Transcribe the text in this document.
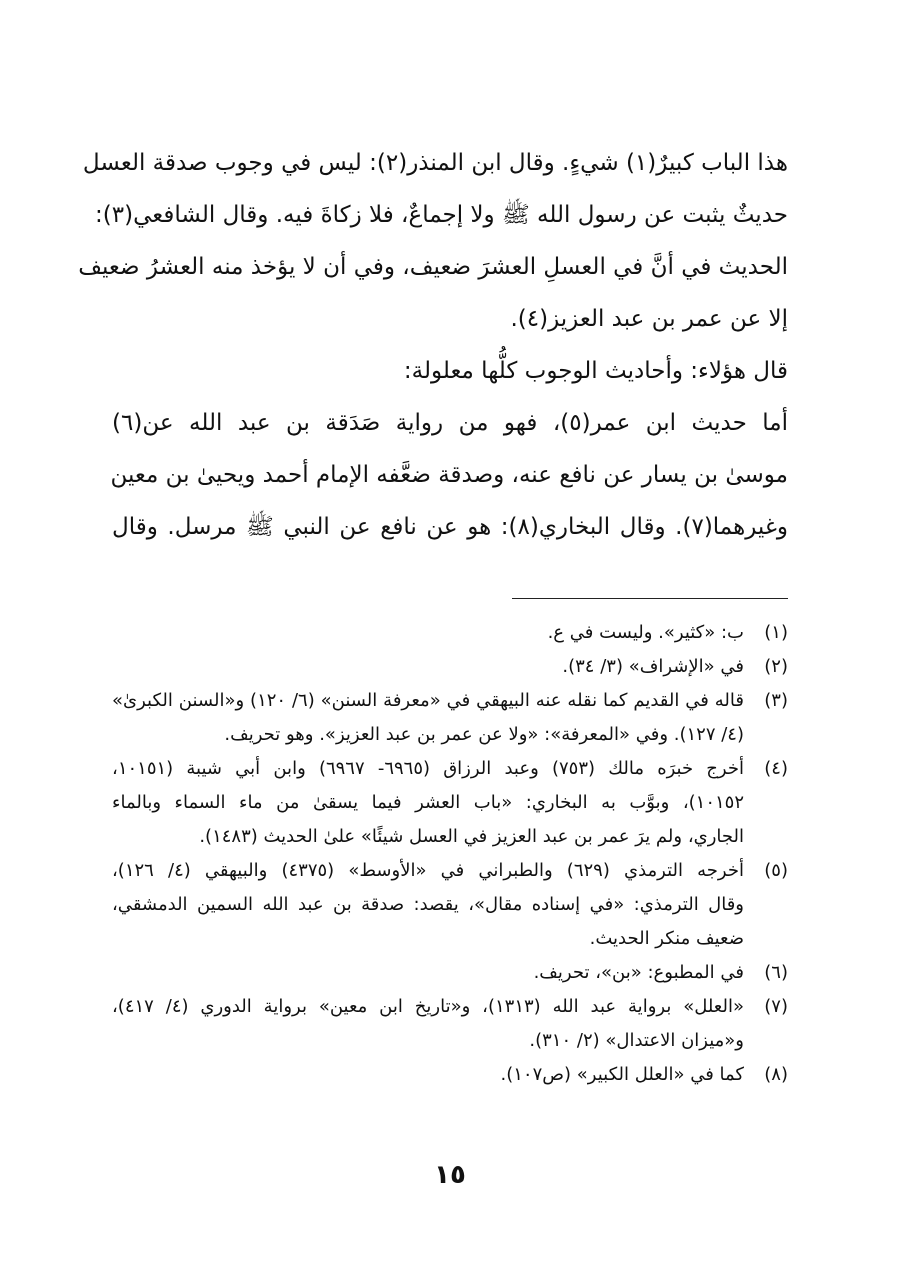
هذا الباب كبيرٌ(١) شيءٍ. وقال ابن المنذر(٢): ليس في وجوب صدقة العسل

حديثٌ يثبت عن رسول الله ﷺ ولا إجماعٌ، فلا زكاةَ فيه. وقال الشافعي(٣):

الحديث في أنَّ في العسلِ العشرَ ضعيف، وفي أن لا يؤخذ منه العشرُ ضعيف

إلا عن عمر بن عبد العزيز(٤).

قال هؤلاء: وأحاديث الوجوب كلُّها معلولة:

أما حديث ابن عمر(٥)، فهو من رواية صَدَقة بن عبد الله عن(٦)

موسىٰ بن يسار عن نافع عنه، وصدقة ضعَّفه الإمام أحمد ويحيىٰ بن معين

وغيرهما(٧). وقال البخاري(٨): هو عن نافع عن النبي ﷺ مرسل. وقال

(١)
ب: «كثير». وليست في ع.
(٢)
في «الإشراف» (٣/ ٣٤).
(٣)
قاله في القديم كما نقله عنه البيهقي في «معرفة السنن» (٦/ ١٢٠) و«السنن الكبرىٰ»
(٤/ ١٢٧). وفي «المعرفة»: «ولا عن عمر بن عبد العزيز». وهو تحريف.
(٤)
أخرج خبرَه مالك (٧٥٣) وعبد الرزاق (٦٩٦٥- ٦٩٦٧) وابن أبي شيبة (١٠١٥١،
١٠١٥٢)، وبوَّب به البخاري: «باب العشر فيما يسقىٰ من ماء السماء وبالماء
الجاري، ولم يرَ عمر بن عبد العزيز في العسل شيئًا» علىٰ الحديث (١٤٨٣).
(٥)
أخرجه الترمذي (٦٢٩) والطبراني في «الأوسط» (٤٣٧٥) والبيهقي (٤/ ١٢٦)،
وقال الترمذي: «في إسناده مقال»، يقصد: صدقة بن عبد الله السمين الدمشقي،
ضعيف منكر الحديث.
(٦)
في المطبوع: «بن»، تحريف.
(٧)
«العلل» برواية عبد الله (١٣١٣)، و«تاريخ ابن معين» برواية الدوري (٤/ ٤١٧)،
و«ميزان الاعتدال» (٢/ ٣١٠).
(٨)
كما في «العلل الكبير» (ص١٠٧).
١٥
